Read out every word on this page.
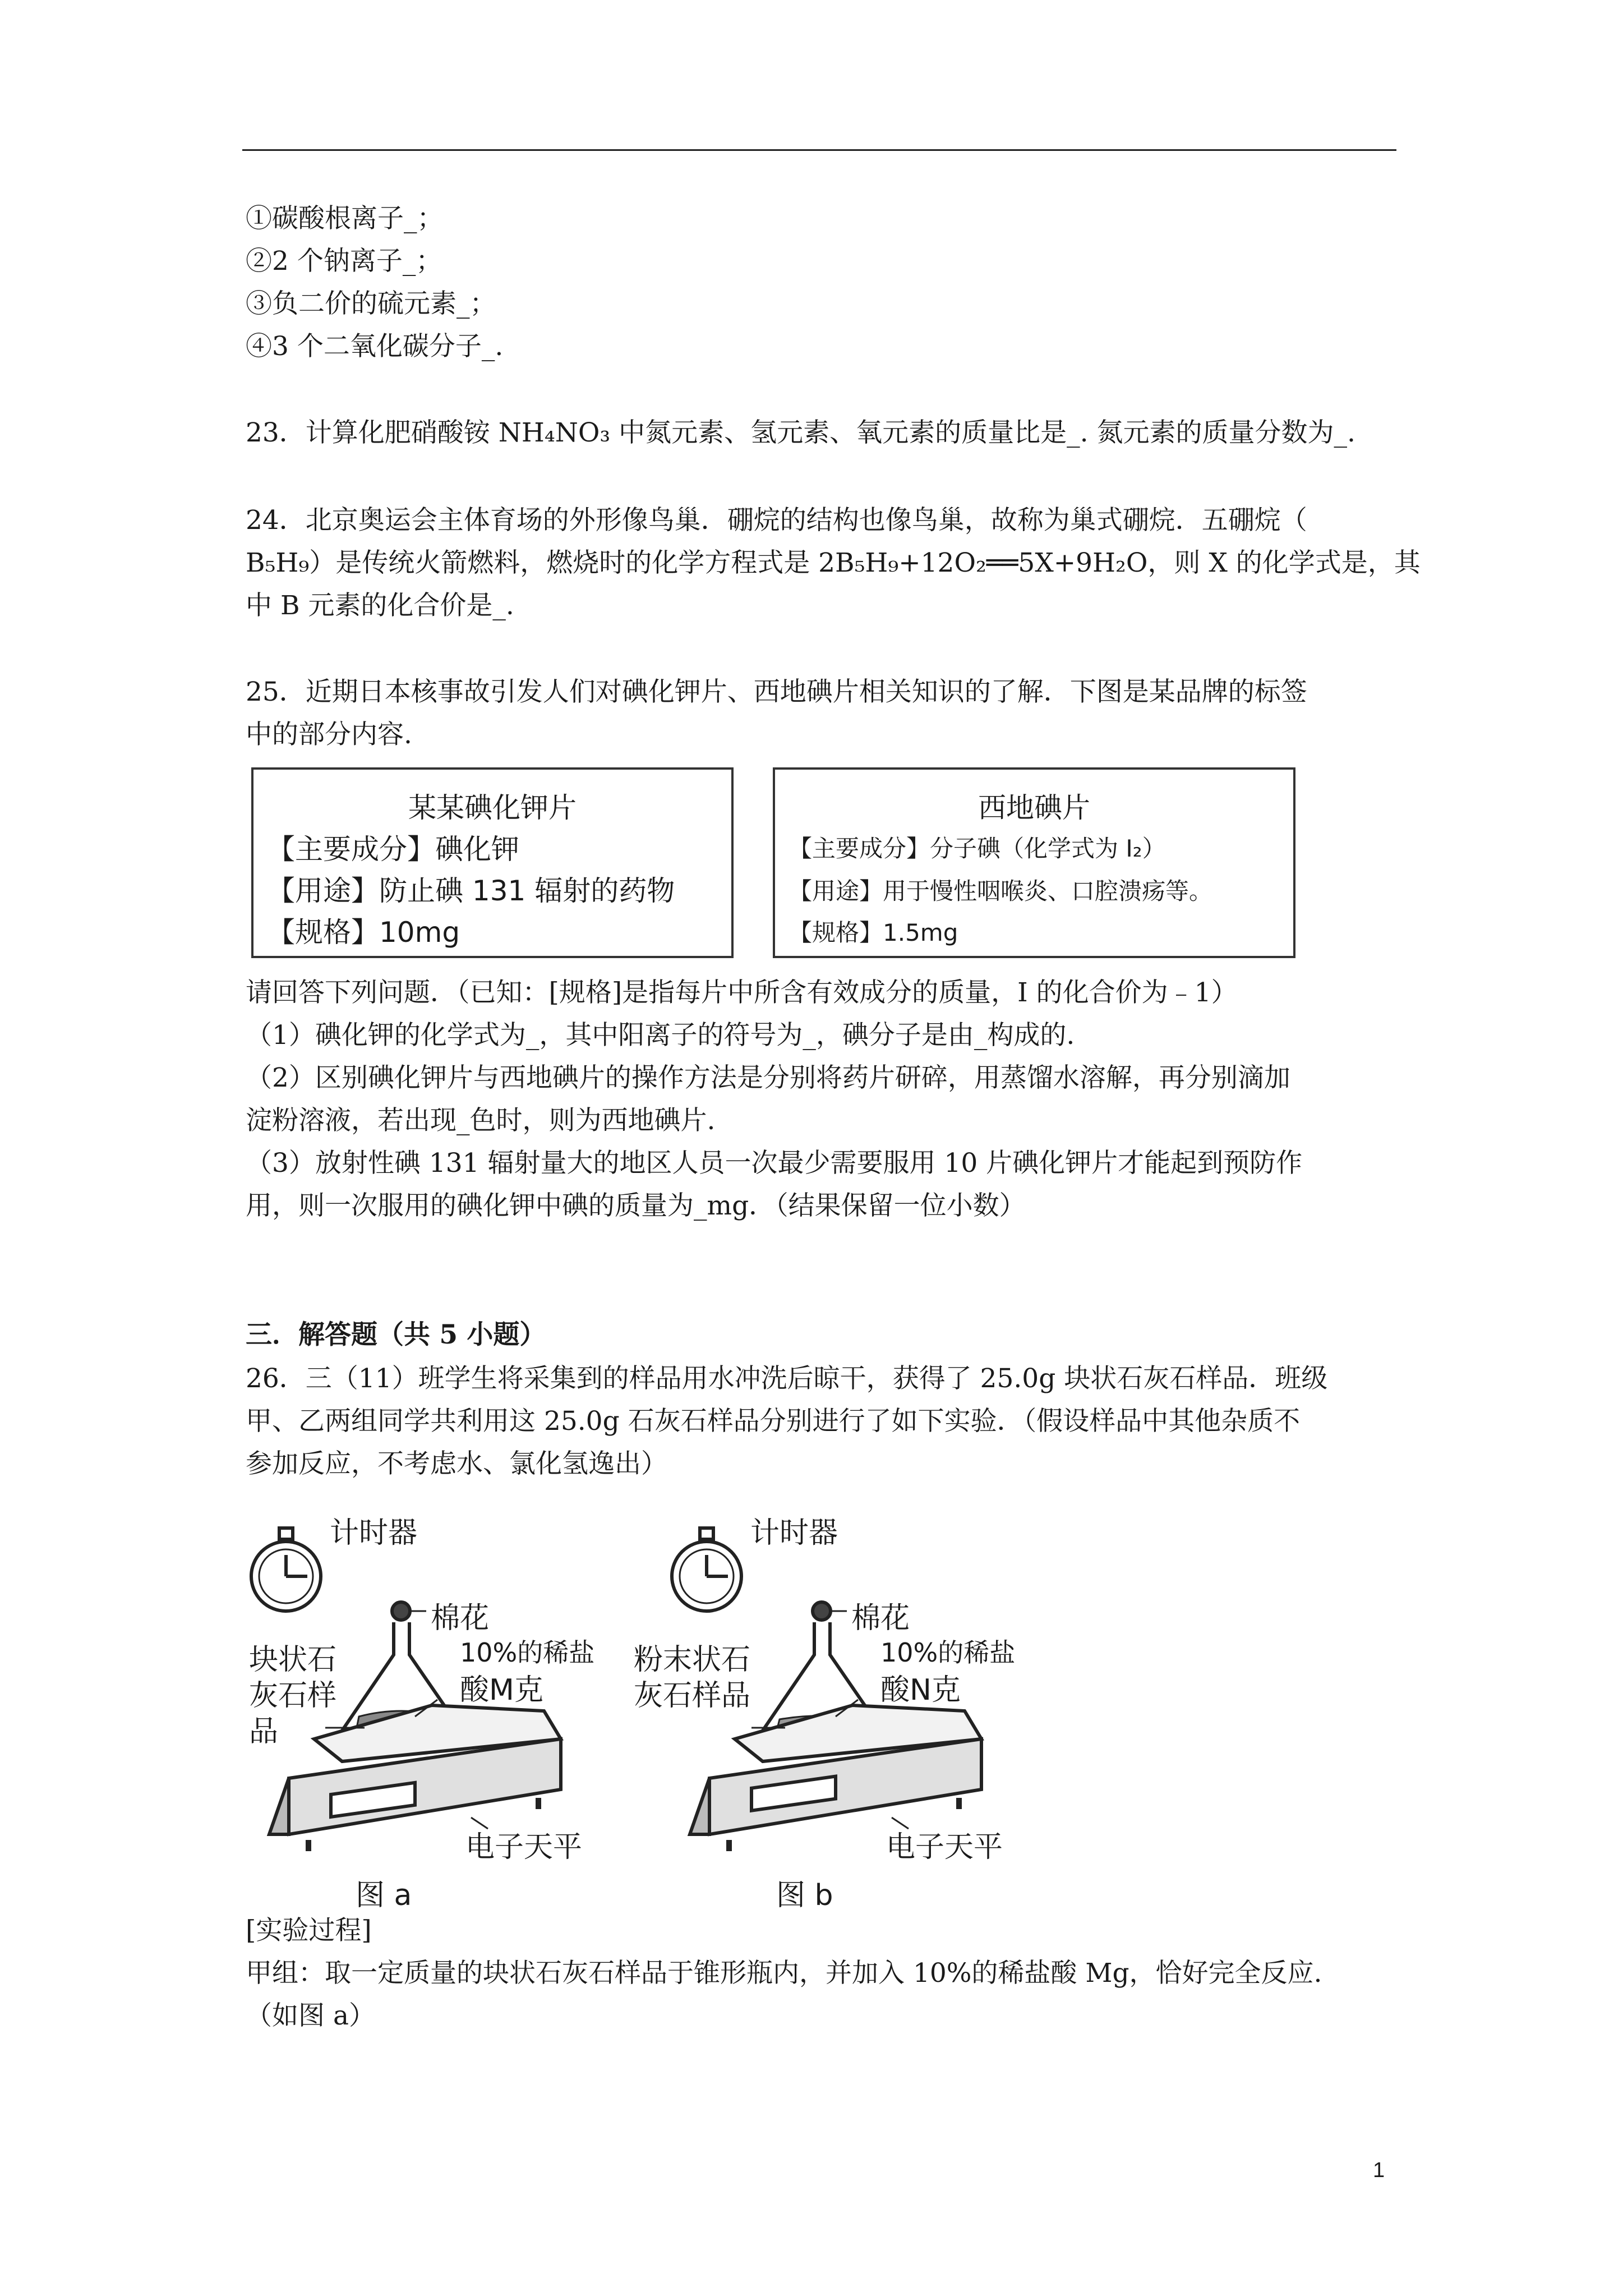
①碳酸根离子_；
②2 个钠离子_；
③负二价的硫元素_；
④3 个二氧化碳分子_.
23．计算化肥硝酸铵 NH₄NO₃ 中氮元素、氢元素、氧元素的质量比是_. 氮元素的质量分数为_.
24．北京奥运会主体育场的外形像鸟巢．硼烷的结构也像鸟巢，故称为巢式硼烷．五硼烷（
B₅H₉）是传统火箭燃料，燃烧时的化学方程式是 2B₅H₉+12O₂══5X+9H₂O，则 X 的化学式是，其
中 B 元素的化合价是_.
25．近期日本核事故引发人们对碘化钾片、西地碘片相关知识的了解．下图是某品牌的标签
中的部分内容.
某某碘化钾片
【主要成分】碘化钾
【用途】防止碘 131 辐射的药物
【规格】10mg
西地碘片
【主要成分】分子碘（化学式为 I₂）
【用途】用于慢性咽喉炎、口腔溃疡等。
【规格】1.5mg
请回答下列问题．（已知：[规格]是指每片中所含有效成分的质量，I 的化合价为﹣1）
（1）碘化钾的化学式为_，其中阳离子的符号为_，碘分子是由_构成的.
（2）区别碘化钾片与西地碘片的操作方法是分别将药片研碎，用蒸馏水溶解，再分别滴加
淀粉溶液，若出现_色时，则为西地碘片.
（3）放射性碘 131 辐射量大的地区人员一次最少需要服用 10 片碘化钾片才能起到预防作
用，则一次服用的碘化钾中碘的质量为_mg．（结果保留一位小数）
三．解答题（共 5 小题）
26．三（11）班学生将采集到的样品用水冲洗后晾干，获得了 25.0g 块状石灰石样品．班级
甲、乙两组同学共利用这 25.0g 石灰石样品分别进行了如下实验．（假设样品中其他杂质不
参加反应，不考虑水、氯化氢逸出）
计时器
棉花
10%的稀盐
酸M克
块状石
灰石样
品
电子天平
图 a
计时器
棉花
10%的稀盐
酸N克
粉末状石
灰石样品
电子天平
图 b
[实验过程]
甲组：取一定质量的块状石灰石样品于锥形瓶内，并加入 10%的稀盐酸 Mg，恰好完全反应.
（如图 a）
1
